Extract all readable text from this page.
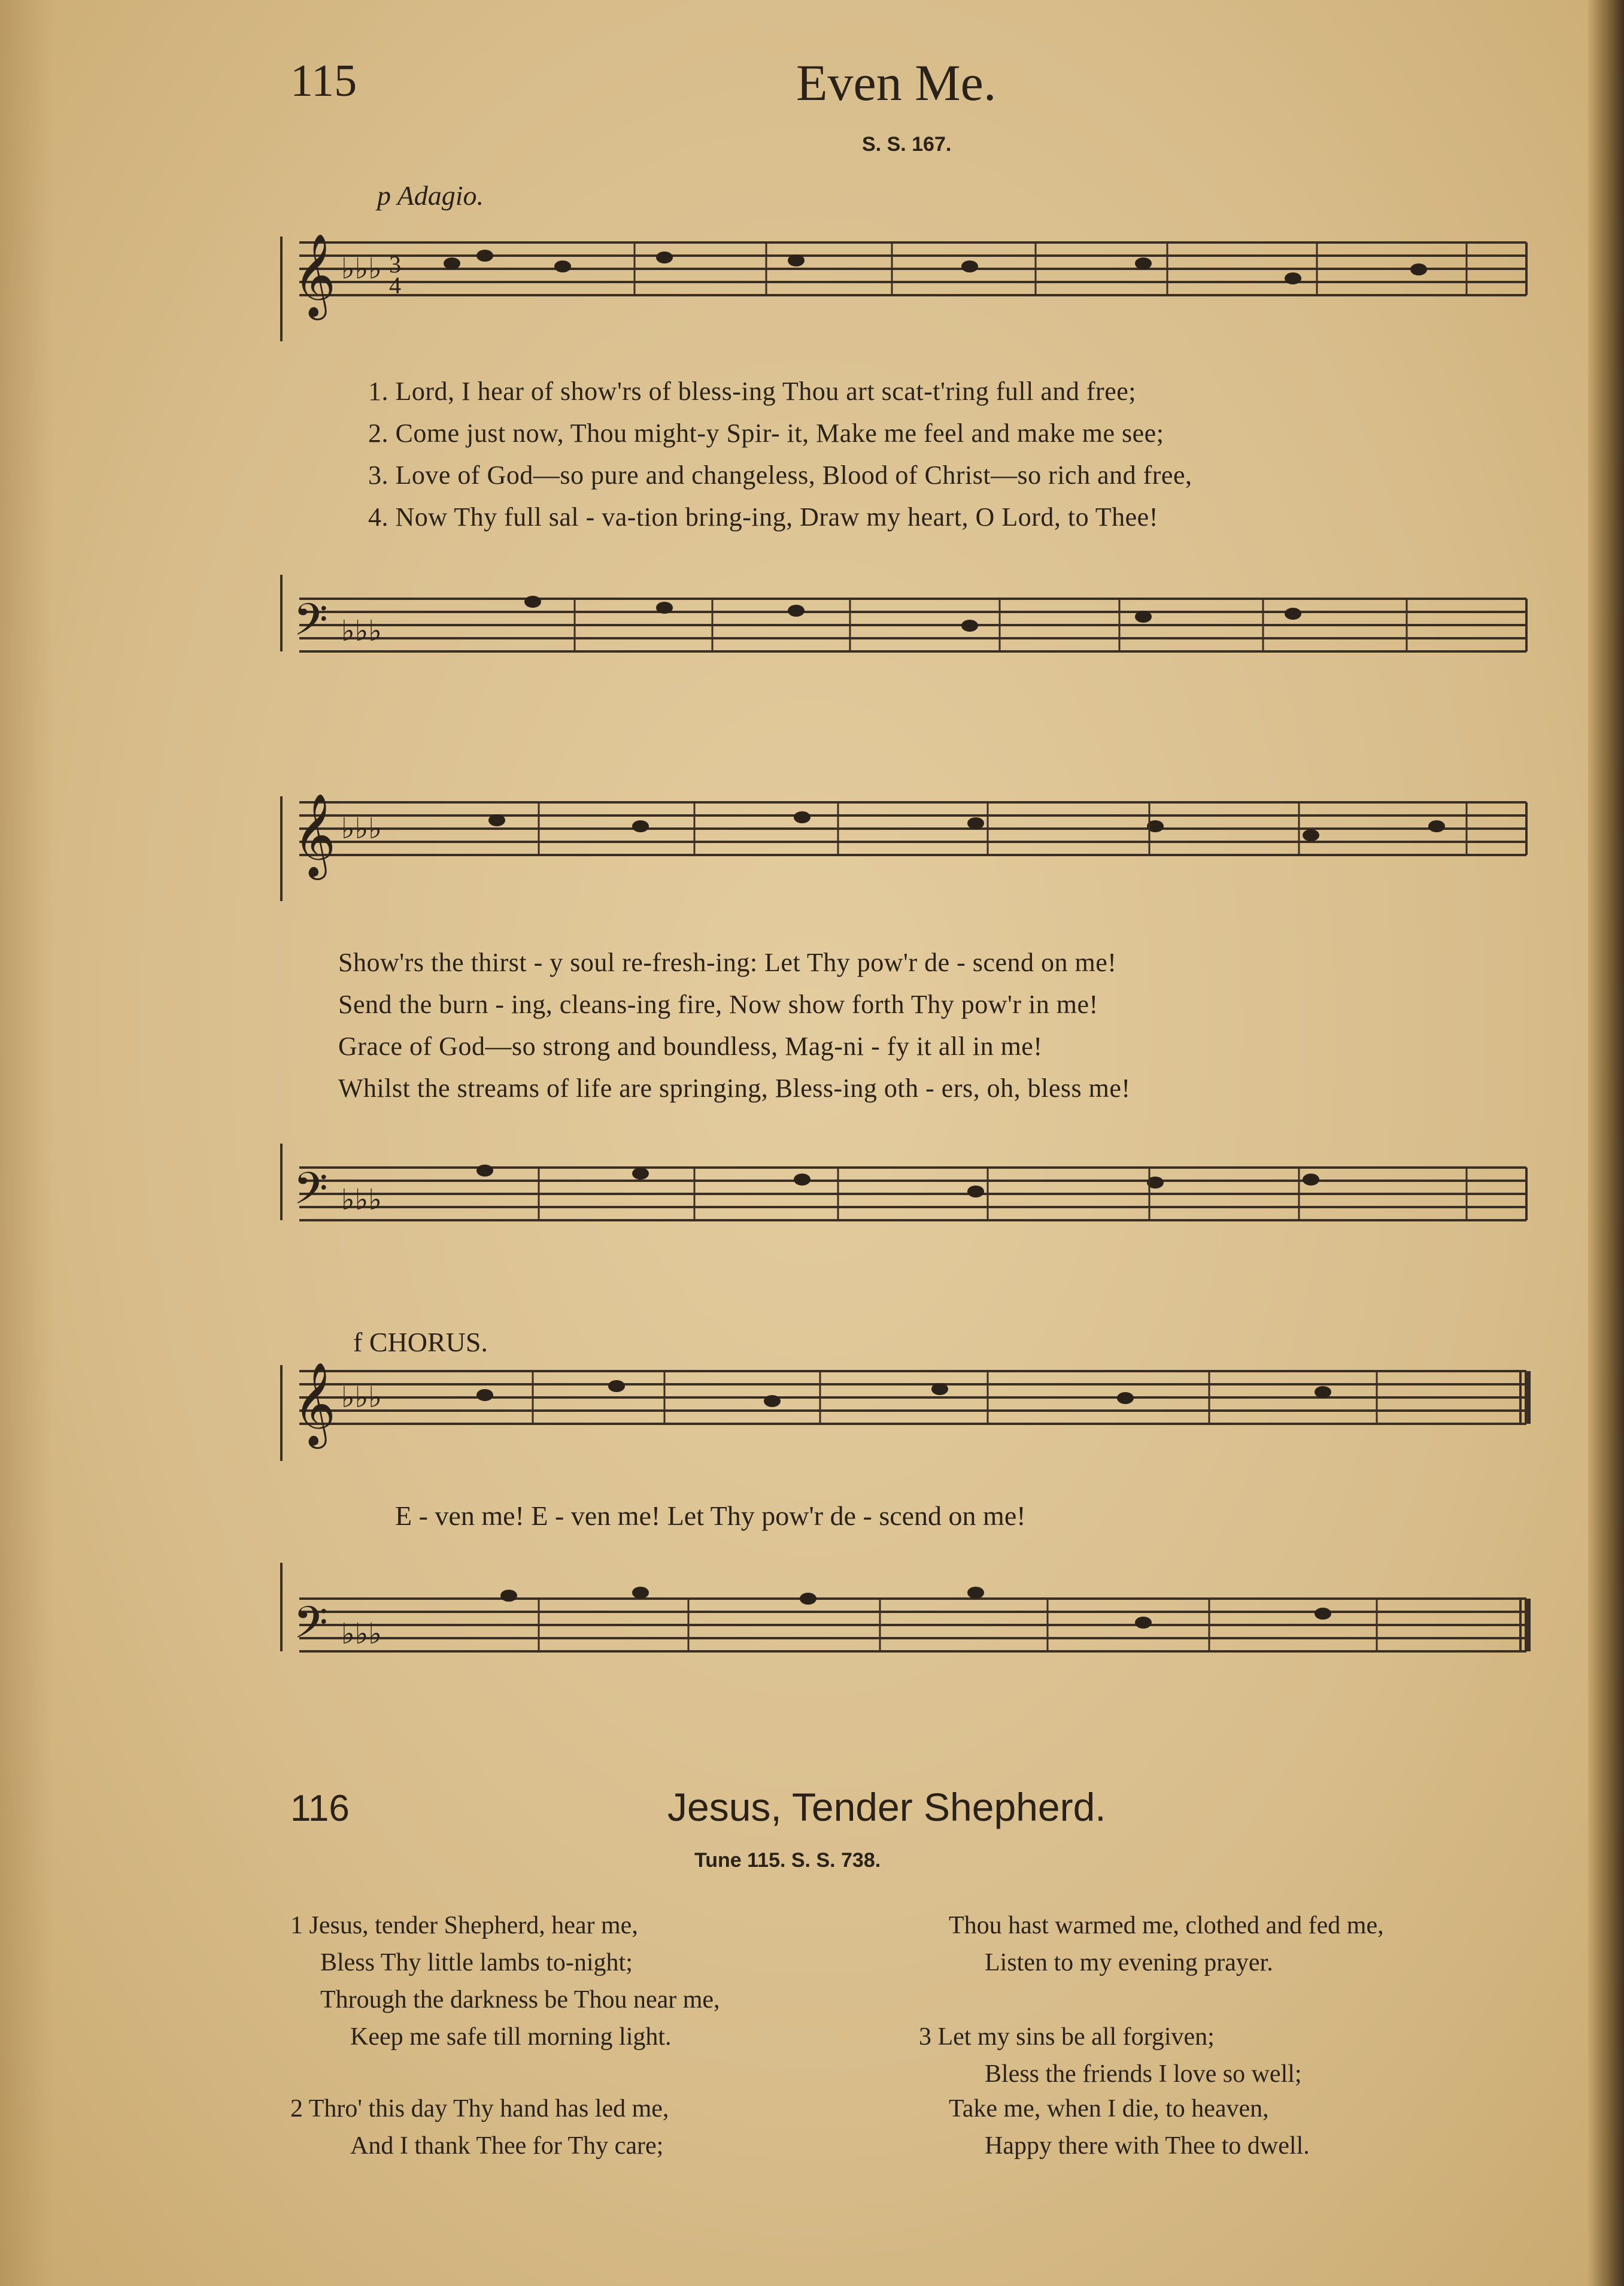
115	Even Me.
S. S. 167.
p Adagio.
𝄞 ♭♭♭ 3
4
1. Lord, I hear of show'rs of bless-ing Thou art scat-t'ring full and free;
2. Come just now, Thou might-y Spir- it, Make me feel and make me see;
3. Love of God—so pure and changeless, Blood of Christ—so rich and free,
4. Now Thy full sal - va-tion bring-ing, Draw my heart, O Lord, to Thee!
𝄢 ♭♭♭
𝄞 ♭♭♭
Show'rs the thirst - y soul re-fresh-ing: Let Thy pow'r de - scend on me!
Send the burn - ing, cleans-ing fire, Now show forth Thy pow'r in me!
Grace of God—so strong and boundless, Mag-ni - fy it all in me!
Whilst the streams of life are springing, Bless-ing oth - ers, oh, bless me!
𝄢 ♭♭♭
f CHORUS.
𝄞 ♭♭♭
E - ven me! E - ven me! Let Thy pow'r de - scend on me!
𝄢 ♭♭♭
116	Jesus, Tender Shepherd.
Tune 115. S. S. 738.
1 Jesus, tender Shepherd, hear me,
Bless Thy little lambs to-night;
Through the darkness be Thou near me,
Keep me safe till morning light.
2 Thro' this day Thy hand has led me,
And I thank Thee for Thy care;
Thou hast warmed me, clothed and fed me,
Listen to my evening prayer.
3 Let my sins be all forgiven;
Bless the friends I love so well;
Take me, when I die, to heaven,
Happy there with Thee to dwell.
